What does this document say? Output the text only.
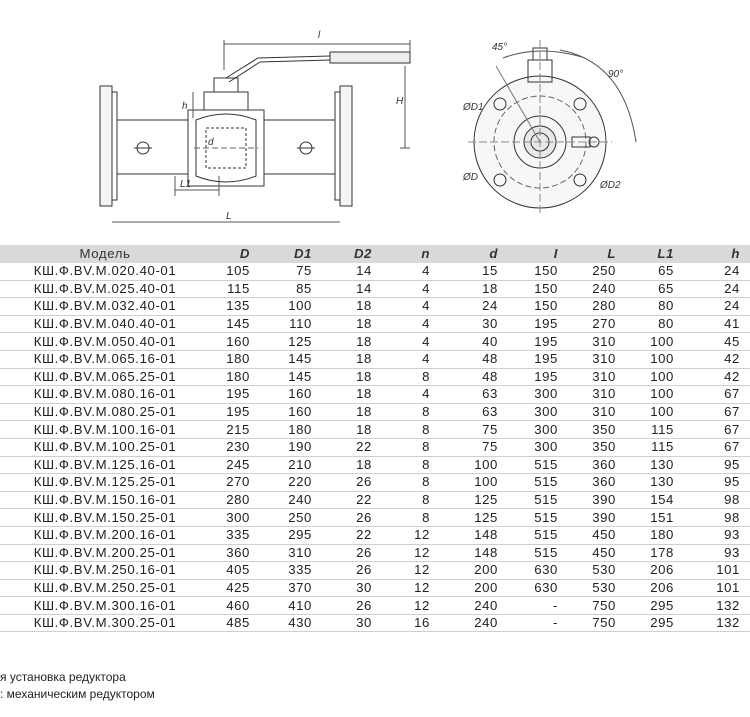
l
h	H
d
L1
L
45°
90°
ØD1
ØD
ØD2
Модель	D	D1	D2	n	d	I	L	L1	h
КШ.Ф.BV.М.020.40-01	105	75	14	4	15	150	250	65	24
КШ.Ф.BV.М.025.40-01	115	85	14	4	18	150	240	65	24
КШ.Ф.BV.М.032.40-01	135	100	18	4	24	150	280	80	24
КШ.Ф.BV.М.040.40-01	145	110	18	4	30	195	270	80	41
КШ.Ф.BV.М.050.40-01	160	125	18	4	40	195	310	100	45
КШ.Ф.BV.М.065.16-01	180	145	18	4	48	195	310	100	42
КШ.Ф.BV.М.065.25-01	180	145	18	8	48	195	310	100	42
КШ.Ф.BV.М.080.16-01	195	160	18	4	63	300	310	100	67
КШ.Ф.BV.М.080.25-01	195	160	18	8	63	300	310	100	67
КШ.Ф.BV.М.100.16-01	215	180	18	8	75	300	350	115	67
КШ.Ф.BV.М.100.25-01	230	190	22	8	75	300	350	115	67
КШ.Ф.BV.М.125.16-01	245	210	18	8	100	515	360	130	95
КШ.Ф.BV.М.125.25-01	270	220	26	8	100	515	360	130	95
КШ.Ф.BV.М.150.16-01	280	240	22	8	125	515	390	154	98
КШ.Ф.BV.М.150.25-01	300	250	26	8	125	515	390	151	98
КШ.Ф.BV.М.200.16-01	335	295	22	12	148	515	450	180	93
КШ.Ф.BV.М.200.25-01	360	310	26	12	148	515	450	178	93
КШ.Ф.BV.М.250.16-01	405	335	26	12	200	630	530	206	101
КШ.Ф.BV.М.250.25-01	425	370	30	12	200	630	530	206	101
КШ.Ф.BV.М.300.16-01	460	410	26	12	240	-	750	295	132
КШ.Ф.BV.М.300.25-01	485	430	30	16	240	-	750	295	132
я установка редуктора
: механическим редуктором
